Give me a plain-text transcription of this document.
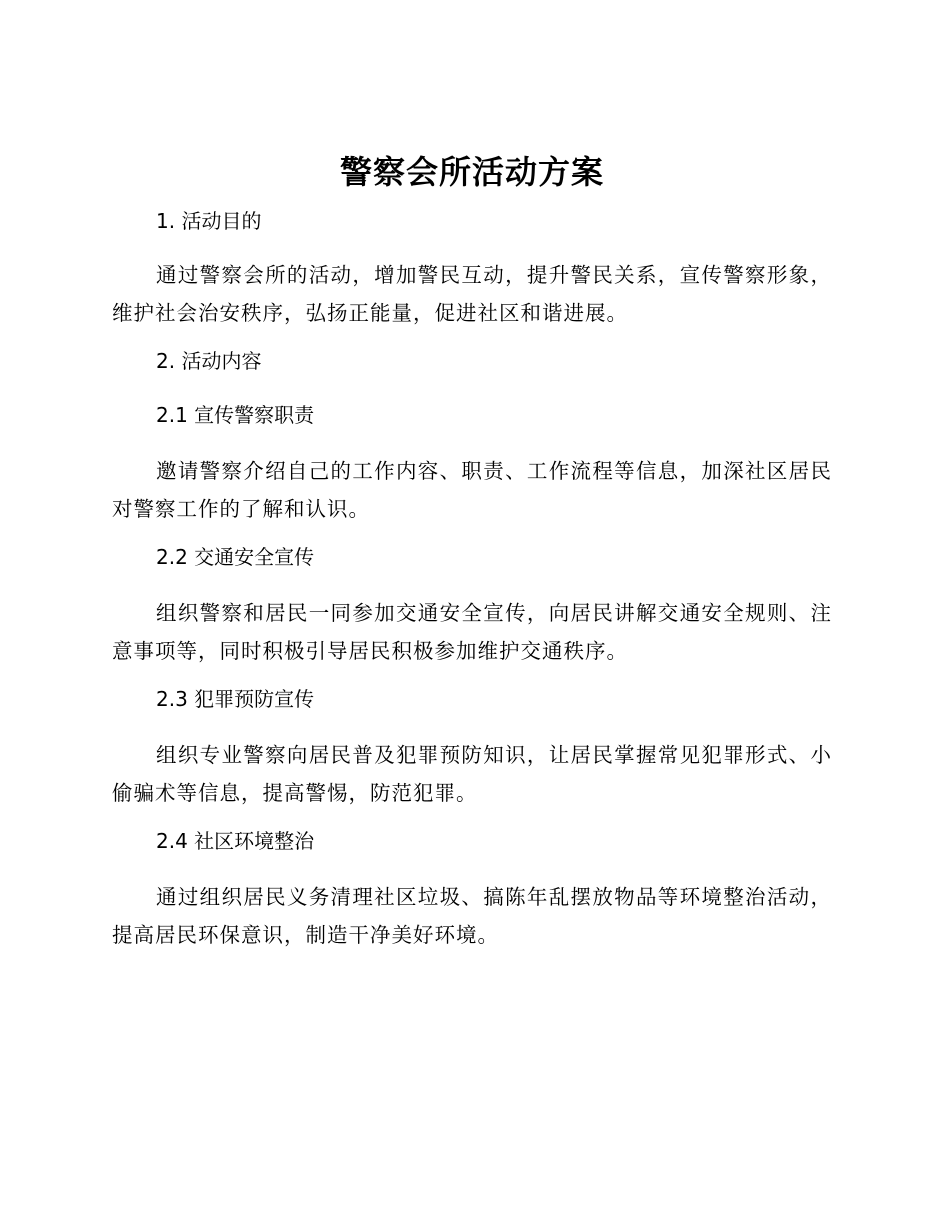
警察会所活动方案
1. 活动目的

通过警察会所的活动，增加警民互动，提升警民关系，宣传警察形象，维护社会治安秩序，弘扬正能量，促进社区和谐进展。

2. 活动内容
2.1 宣传警察职责

邀请警察介绍自己的工作内容、职责、工作流程等信息，加深社区居民对警察工作的了解和认识。

2.2 交通安全宣传

组织警察和居民一同参加交通安全宣传，向居民讲解交通安全规则、注意事项等，同时积极引导居民积极参加维护交通秩序。

2.3 犯罪预防宣传

组织专业警察向居民普及犯罪预防知识，让居民掌握常见犯罪形式、小偷骗术等信息，提高警惕，防范犯罪。

2.4 社区环境整治

通过组织居民义务清理社区垃圾、搞陈年乱摆放物品等环境整治活动，提高居民环保意识，制造干净美好环境。
